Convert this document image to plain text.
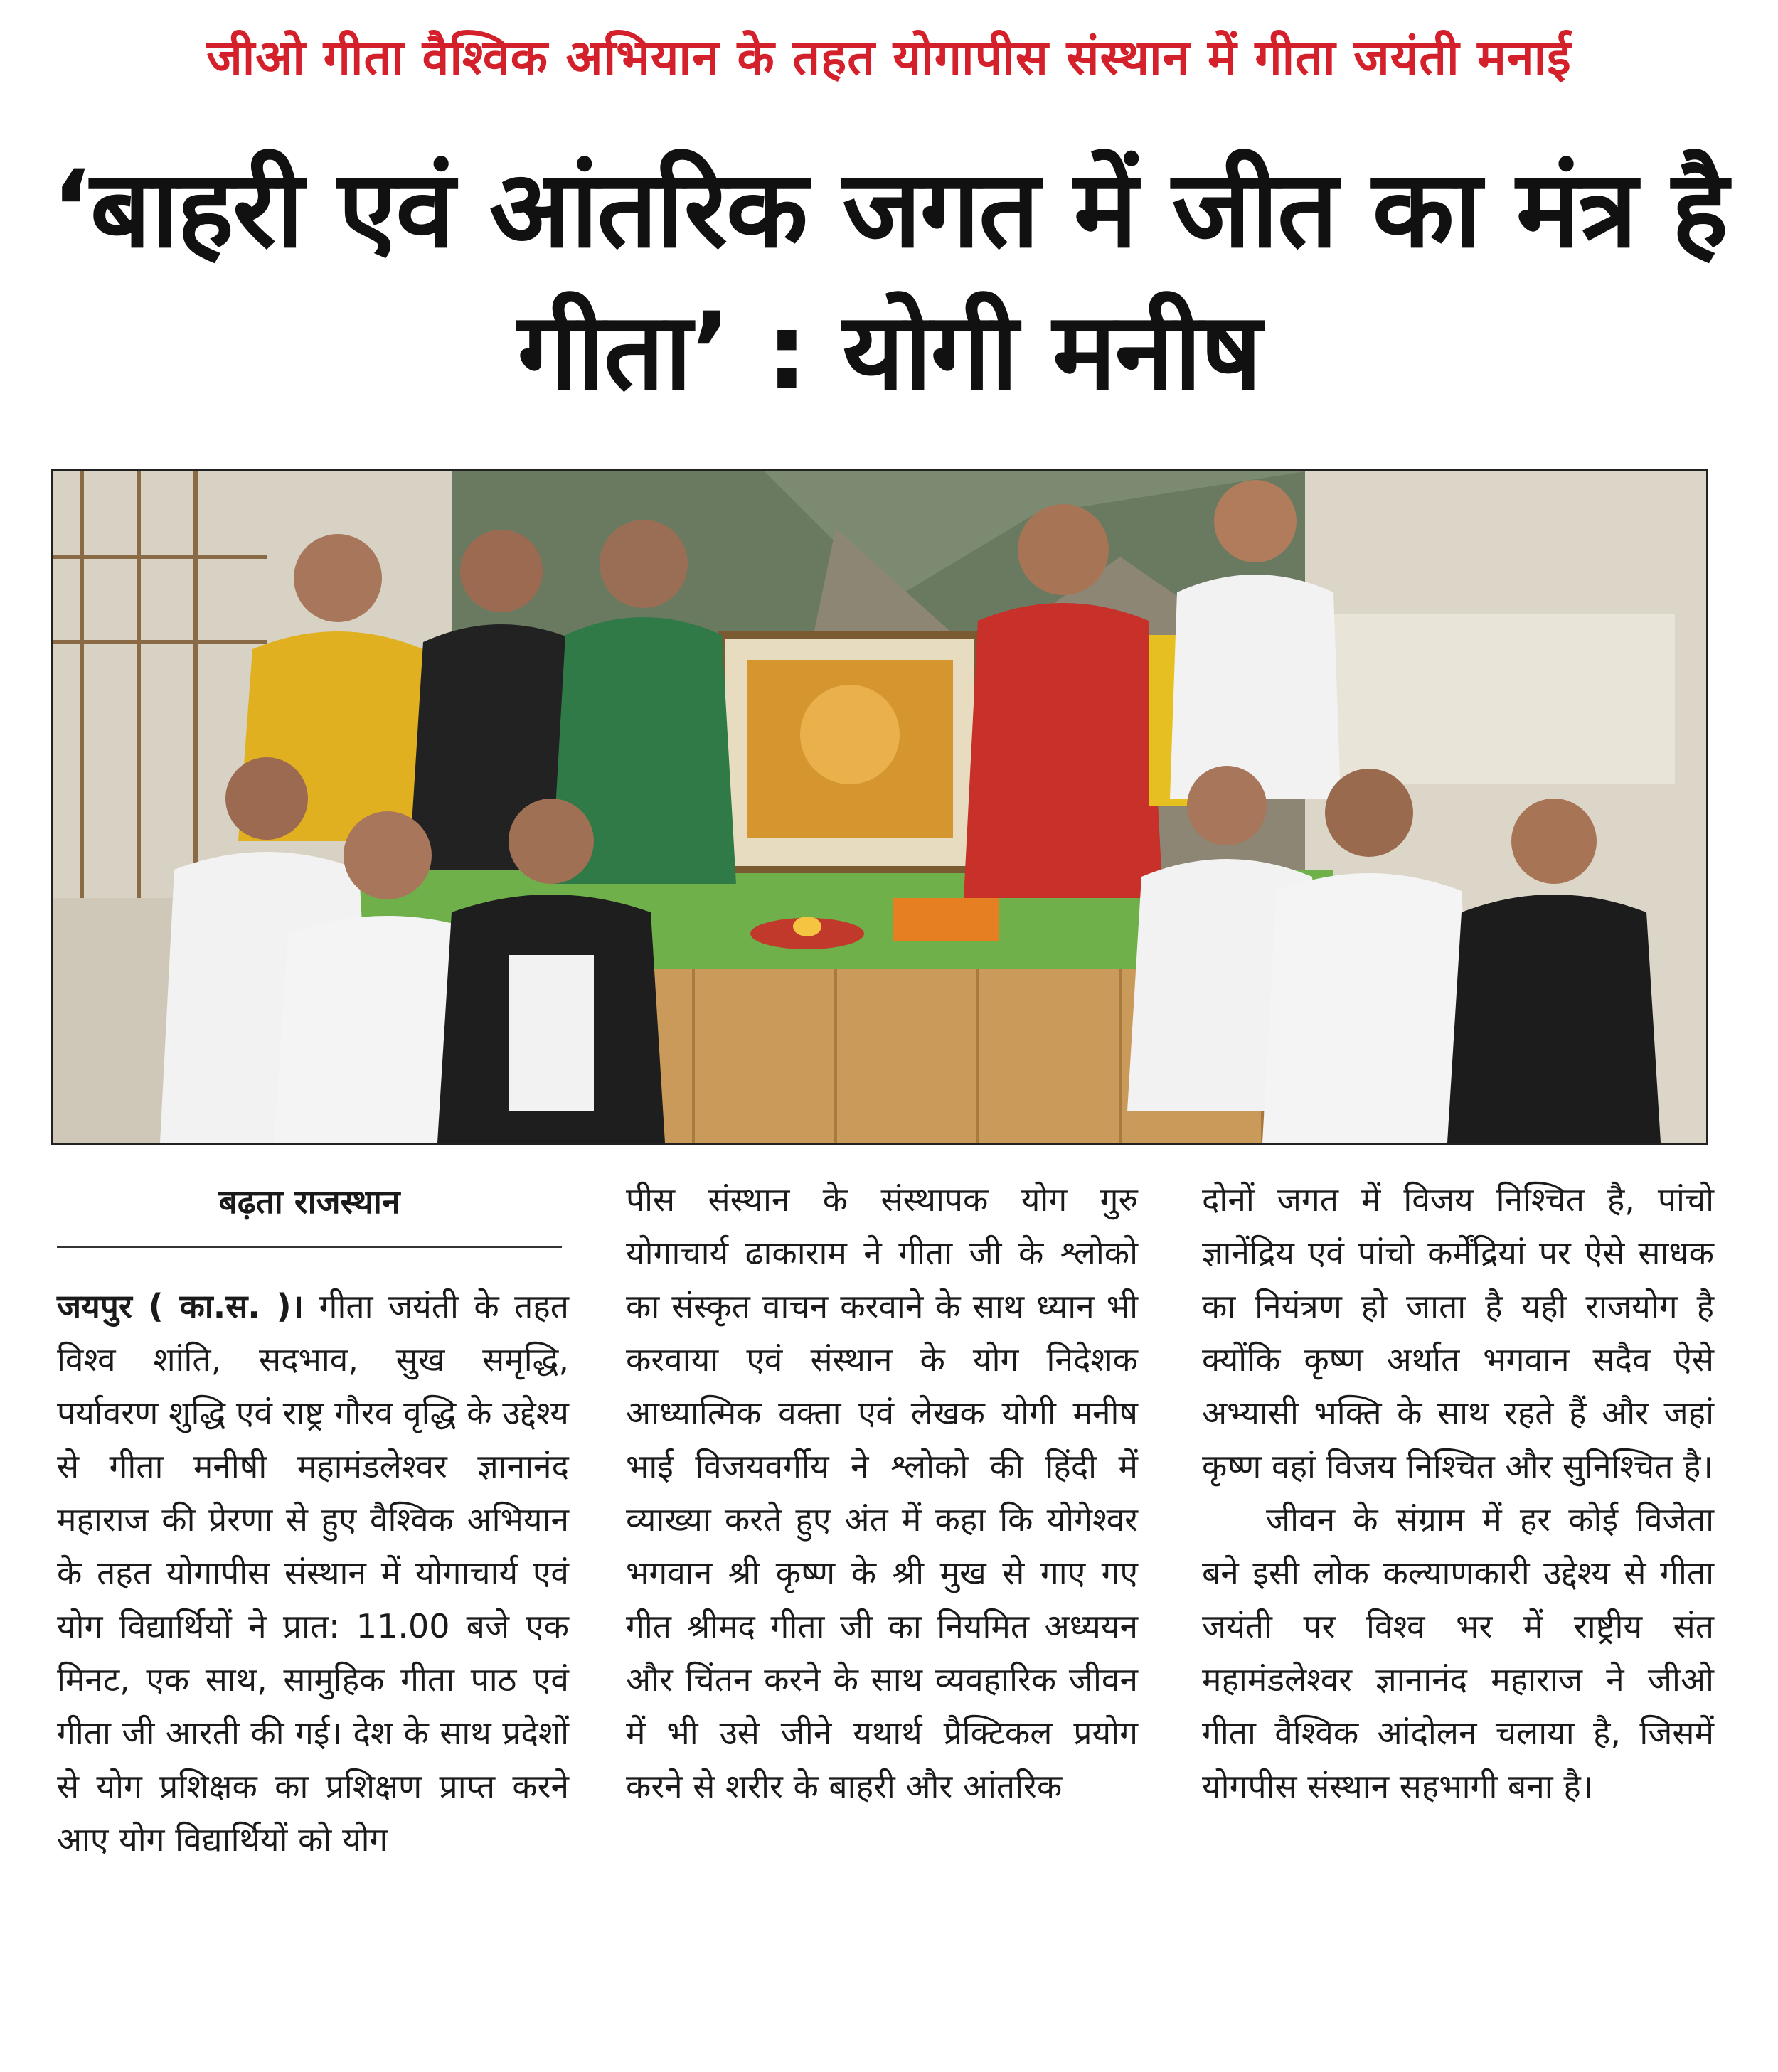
जीओ गीता वैश्विक अभियान के तहत योगापीस संस्थान में गीता जयंती मनाई
‘बाहरी एवं आंतरिक जगत में जीत का मंत्र है गीता’ : योगी मनीष
बढ़ता राजस्थान

जयपुर ( का.स. )। गीता जयंती के तहत विश्व शांति, सदभाव, सुख समृद्धि, पर्यावरण शुद्धि एवं राष्ट्र गौरव वृद्धि के उद्देश्य से गीता मनीषी महामंडलेश्वर ज्ञानानंद महाराज की प्रेरणा से हुए वैश्विक अभियान के तहत योगापीस संस्थान में योगाचार्य एवं योग विद्यार्थियों ने प्रात: 11.00 बजे एक मिनट, एक साथ, सामुहिक गीता पाठ एवं गीता जी आरती की गई। देश के साथ प्रदेशों से योग प्रशिक्षक का प्रशिक्षण प्राप्त करने आए योग विद्यार्थियों को योग

पीस संस्थान के संस्थापक योग गुरु योगाचार्य ढाकाराम ने गीता जी के श्लोको का संस्कृत वाचन करवाने के साथ ध्यान भी करवाया एवं संस्थान के योग निदेशक आध्यात्मिक वक्ता एवं लेखक योगी मनीष भाई विजयवर्गीय ने श्लोको की हिंदी में व्याख्या करते हुए अंत में कहा कि योगेश्वर भगवान श्री कृष्ण के श्री मुख से गाए गए गीत श्रीमद गीता जी का नियमित अध्ययन और चिंतन करने के साथ व्यवहारिक जीवन में भी उसे जीने यथार्थ प्रैक्टिकल प्रयोग करने से शरीर के बाहरी और आंतरिक

दोनों जगत में विजय निश्चित है, पांचो ज्ञानेंद्रिय एवं पांचो कर्मेंद्रियां पर ऐसे साधक का नियंत्रण हो जाता है यही राजयोग है क्योंकि कृष्ण अर्थात भगवान सदैव ऐसे अभ्यासी भक्ति के साथ रहते हैं और जहां कृष्ण वहां विजय निश्चित और सुनिश्चित है।

जीवन के संग्राम में हर कोई विजेता बने इसी लोक कल्याणकारी उद्देश्य से गीता जयंती पर विश्व भर में राष्ट्रीय संत महामंडलेश्वर ज्ञानानंद महाराज ने जीओ गीता वैश्विक आंदोलन चलाया है, जिसमें योगपीस संस्थान सहभागी बना है।
